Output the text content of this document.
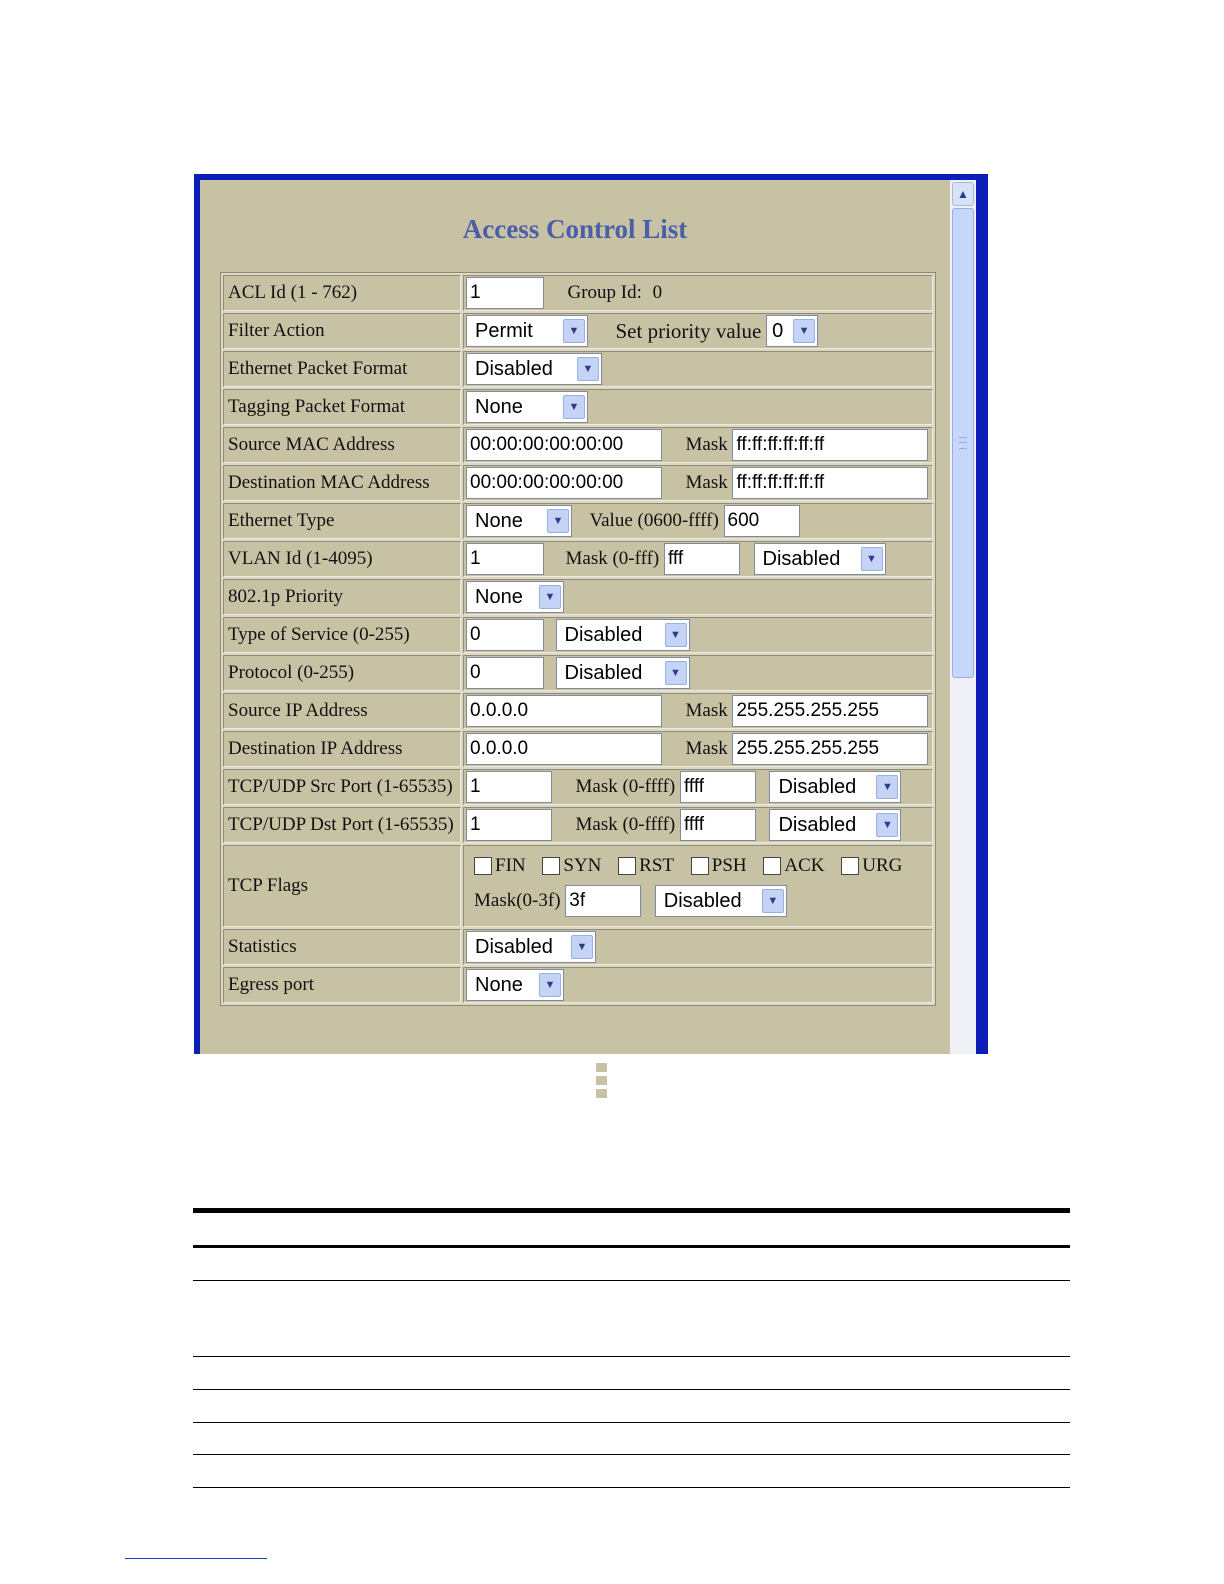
Access Control List
ACL Id (1 - 762)	1 Group Id: 0
Filter Action	Permit ▼ Set priority value 0 ▼

Ethernet Packet Format	Disabled ▼

Tagging Packet Format	None ▼

Source MAC Address	00:00:00:00:00:00 Mask ff:ff:ff:ff:ff:ff
Destination MAC Address	00:00:00:00:00:00 Mask ff:ff:ff:ff:ff:ff
Ethernet Type	None ▼ Value (0600-ffff) 600
VLAN Id (1-4095)	1 Mask (0-fff) fff Disabled ▼

802.1p Priority	None ▼

Type of Service (0-255)	0 Disabled ▼

Protocol (0-255)	0 Disabled ▼

Source IP Address	0.0.0.0 Mask 255.255.255.255
Destination IP Address	0.0.0.0 Mask 255.255.255.255
TCP/UDP Src Port (1-65535)	1 Mask (0-ffff) ffff Disabled ▼

TCP/UDP Dst Port (1-65535)	1 Mask (0-ffff) ffff Disabled ▼

TCP Flags	FIN SYN RST PSH ACK URG
Mask(0-3f) 3f Disabled ▼

Statistics	Disabled ▼

Egress port	None ▼
▲
